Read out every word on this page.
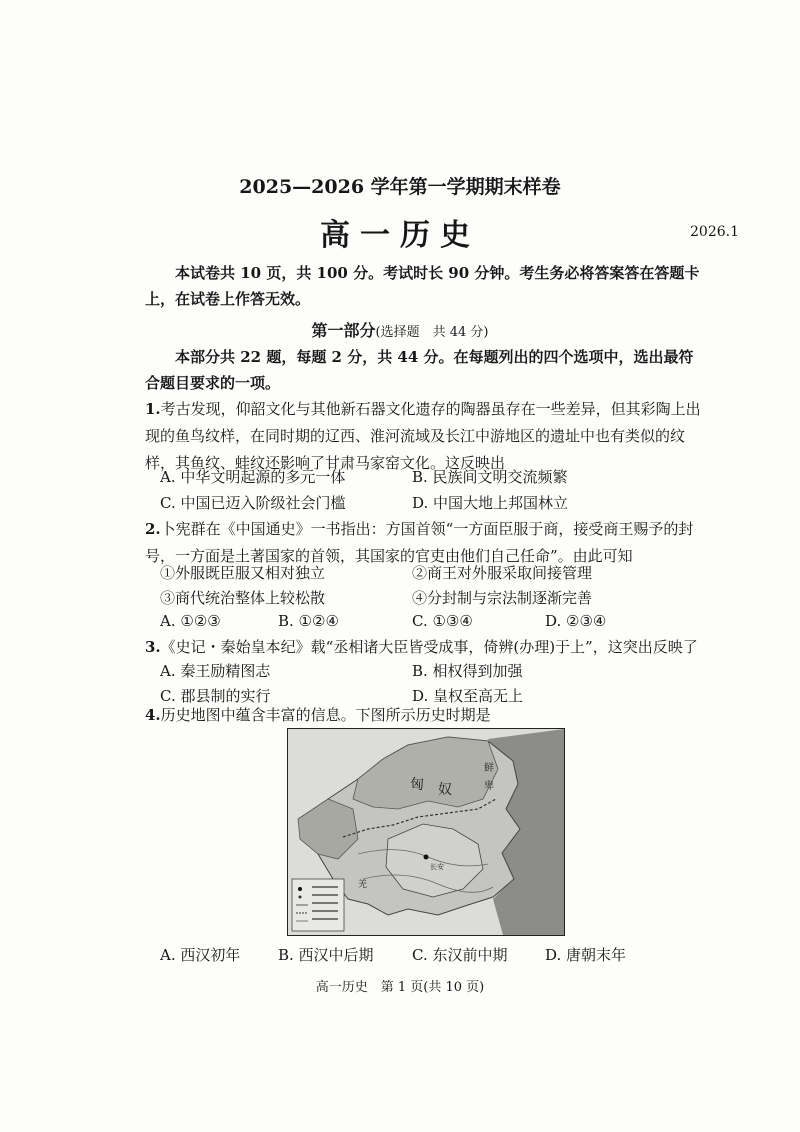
2025—2026 学年第一学期期末样卷
高一历史	2026.1
本试卷共 10 页，共 100 分。考试时长 90 分钟。考生务必将答案答在答题卡上，在试卷上作答无效。
第一部分(选择题　共 44 分)
本部分共 22 题，每题 2 分，共 44 分。在每题列出的四个选项中，选出最符合题目要求的一项。
1.考古发现，仰韶文化与其他新石器文化遗存的陶器虽存在一些差异，但其彩陶上出现的鱼鸟纹样，在同时期的辽西、淮河流域及长江中游地区的遗址中也有类似的纹样，其鱼纹、蛙纹还影响了甘肃马家窑文化。这反映出
A. 中华文明起源的多元一体	B. 民族间文明交流频繁
C. 中国已迈入阶级社会门槛	D. 中国大地上邦国林立
2.卜宪群在《中国通史》一书指出：方国首领“一方面臣服于商，接受商王赐予的封号，一方面是土著国家的首领，其国家的官吏由他们自己任命”。由此可知
①外服既臣服又相对独立	②商王对外服采取间接管理
③商代统治整体上较松散	④分封制与宗法制逐渐完善
A. ①②③	B. ①②④	C. ①③④	D. ②③④
3.《史记・秦始皇本纪》载“丞相诸大臣皆受成事，倚辨(办理)于上”，这突出反映了
A. 秦王励精图志	B. 相权得到加强
C. 郡县制的实行	D. 皇权至高无上
4.历史地图中蕴含丰富的信息。下图所示历史时期是
匈 奴
鲜
卑
长安
羌
A. 西汉初年	B. 西汉中后期	C. 东汉前中期	D. 唐朝末年
高一历史　第 1 页(共 10 页)
